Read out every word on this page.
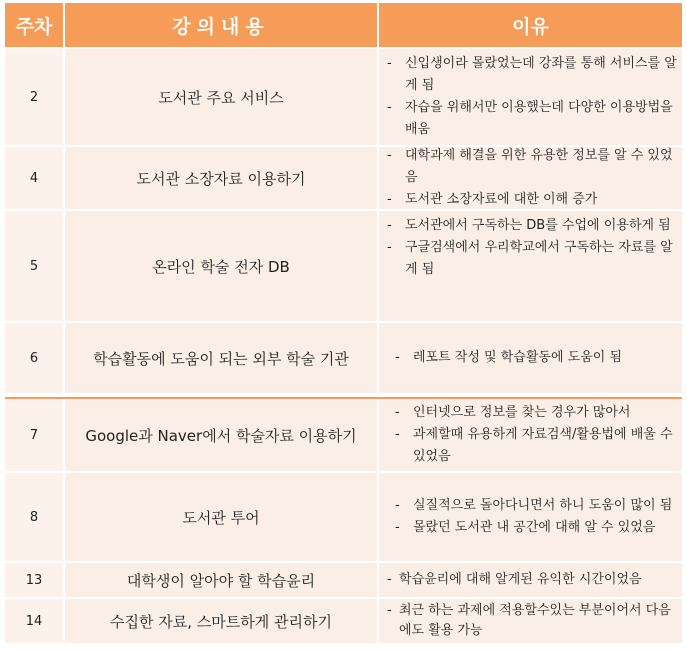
주차	강의내용	이유
2	도서관 주요 서비스
- 신입생이라 몰랐었는데 강좌를 통해 서비스를 알게 됨
- 자습을 위해서만 이용했는데 다양한 이용방법을 배움
4	도서관 소장자료 이용하기
- 대학과제 해결을 위한 유용한 정보를 알 수 있었음
- 도서관 소장자료에 대한 이해 증가
5	온라인 학술 전자 DB
- 도서관에서 구독하는 DB를 수업에 이용하게 됨
- 구글검색에서 우리학교에서 구독하는 자료를 알게 됨
6	학습활동에 도움이 되는 외부 학술 기관	- 레포트 작성 및 학습활동에 도움이 됨
7	Google과 Naver에서 학술자료 이용하기
- 인터넷으로 정보를 찾는 경우가 많아서
- 과제할때 유용하게 자료검색/활용법에 배울 수 있었음
8	도서관 투어
- 실질적으로 돌아다니면서 하니 도움이 많이 됨
- 몰랐던 도서관 내 공간에 대해 알 수 있었음
13	대학생이 알아야 할 학습윤리	- 학습윤리에 대해 알게된 유익한 시간이었음
14	수집한 자료, 스마트하게 관리하기
- 최근 하는 과제에 적용할수있는 부분이어서 다음에도 활용 가능
